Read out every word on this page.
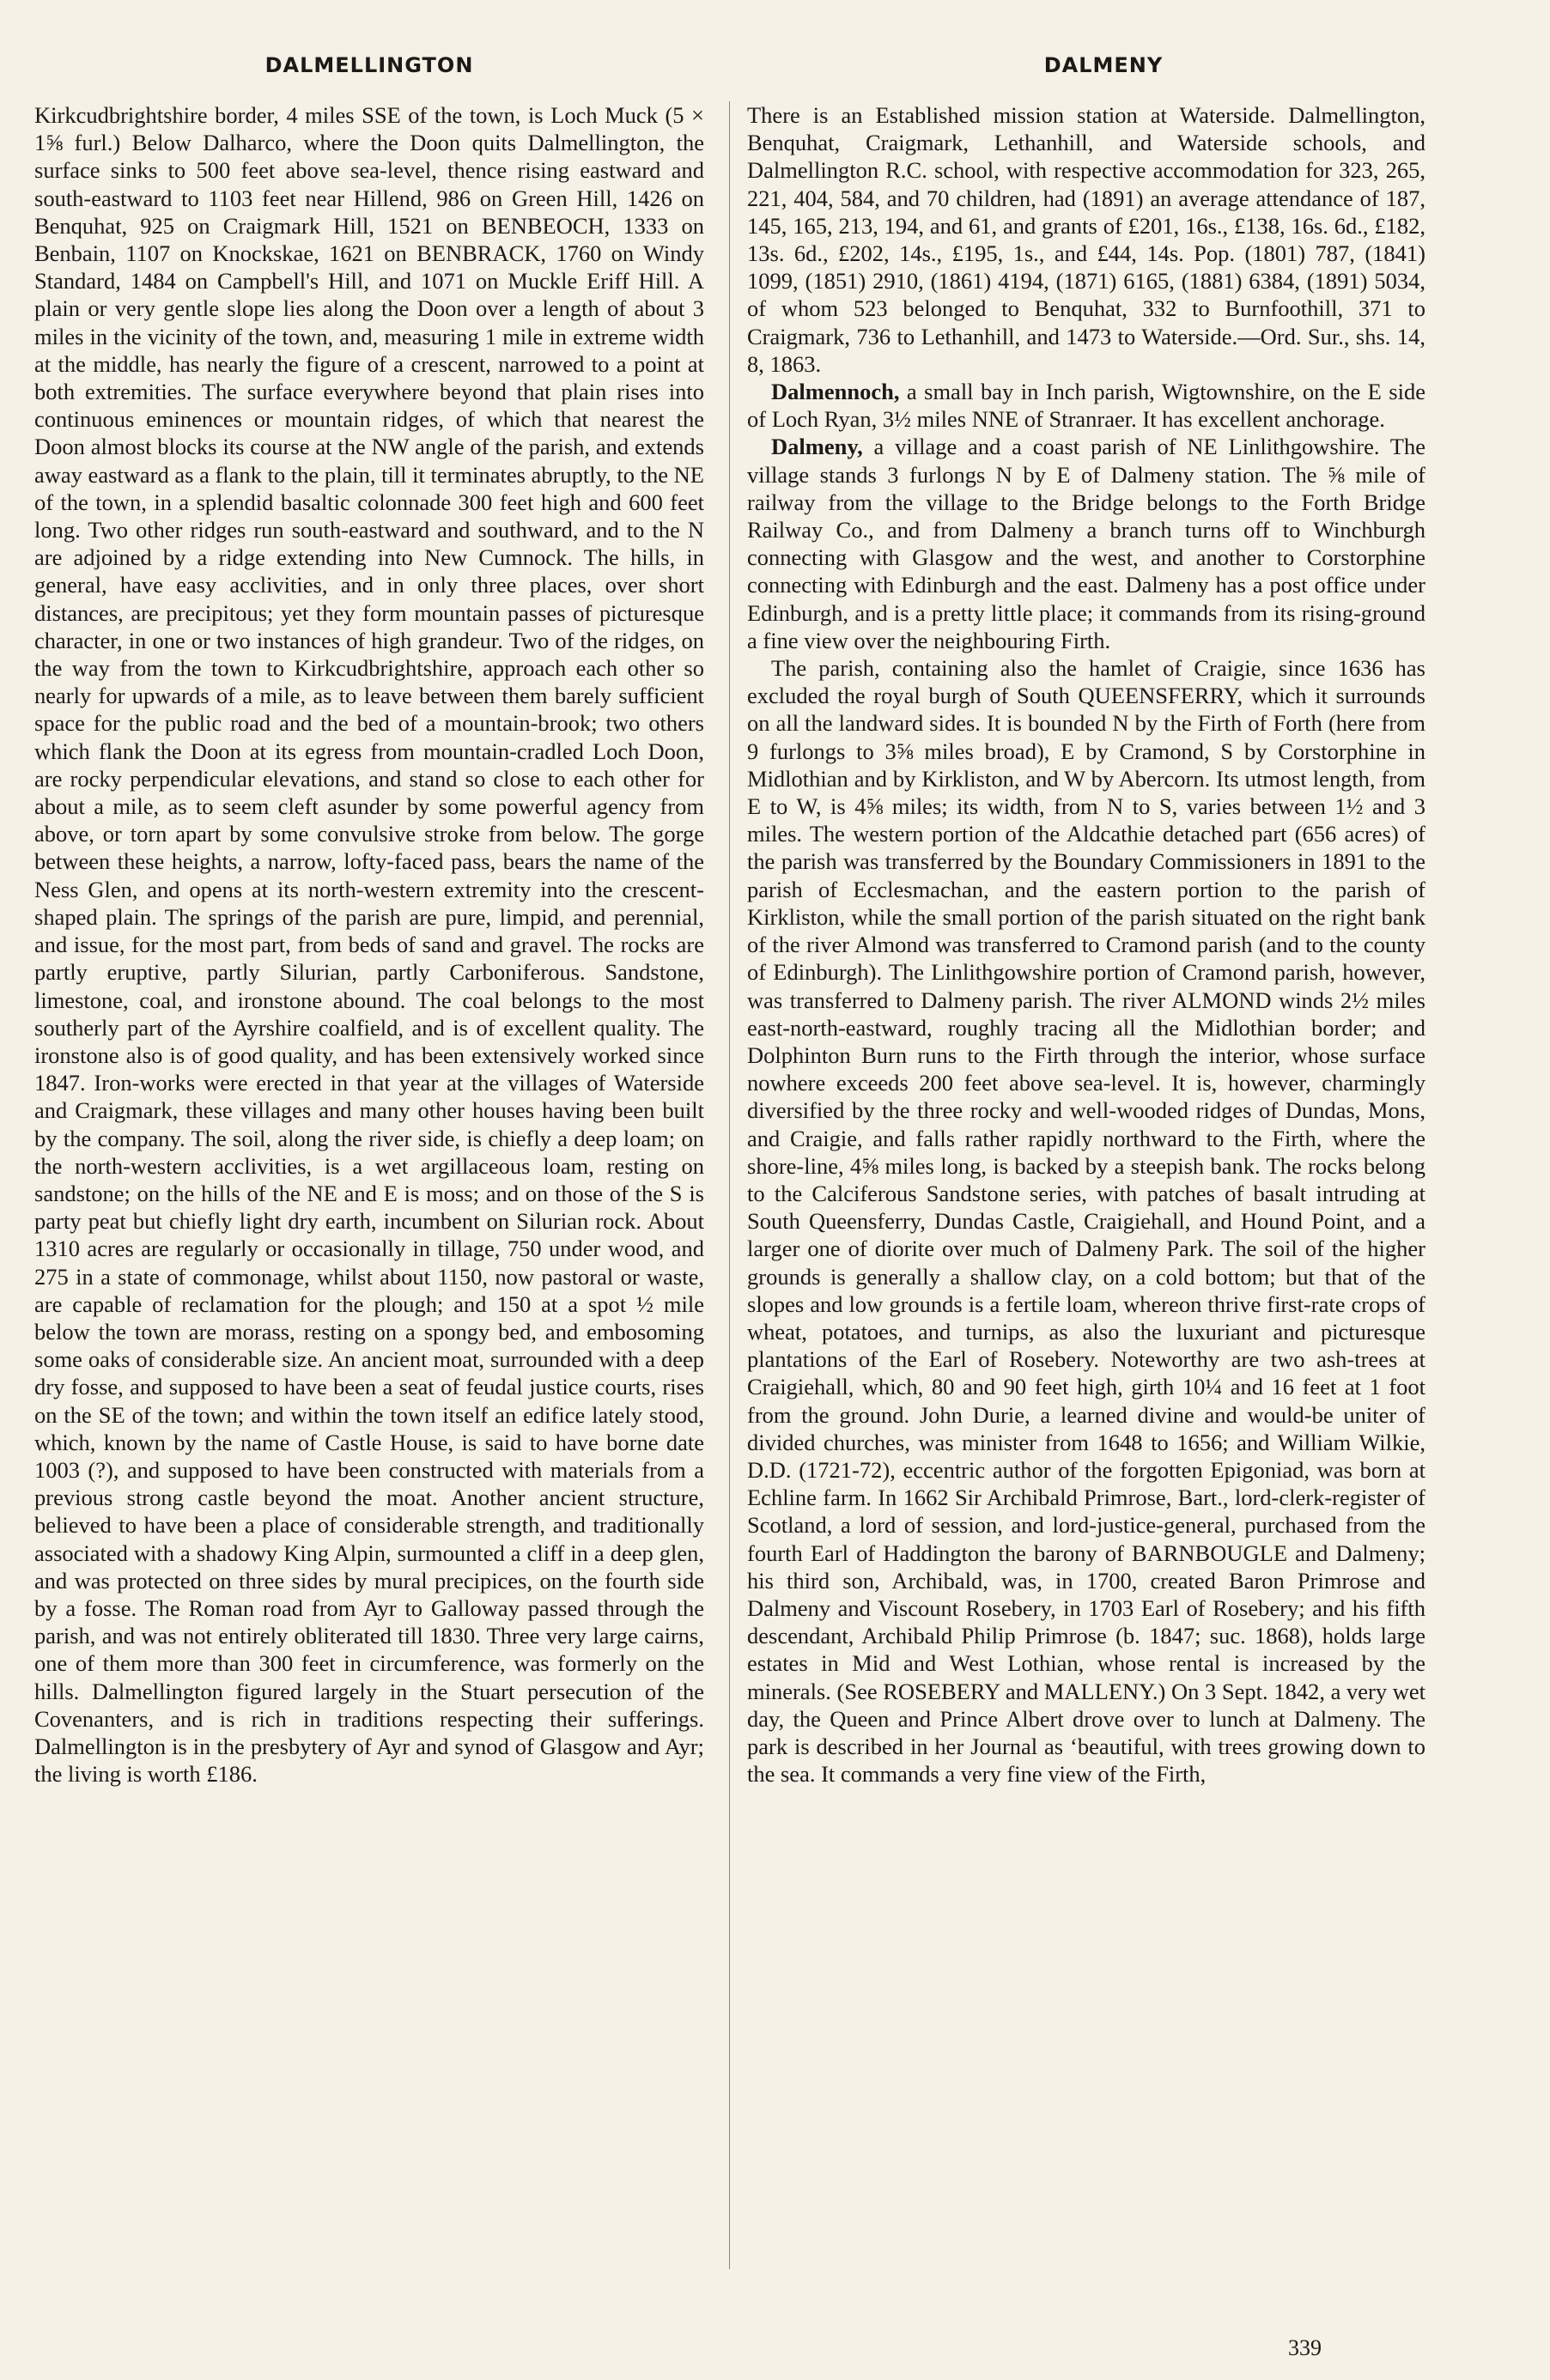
DALMELLINGTON	DALMENY

Kirkcudbrightshire border, 4 miles SSE of the town, is Loch Muck (5 × 1⅝ furl.) Below Dalharco, where the Doon quits Dalmellington, the surface sinks to 500 feet above sea-level, thence rising eastward and south-eastward to 1103 feet near Hillend, 986 on Green Hill, 1426 on Benquhat, 925 on Craigmark Hill, 1521 on BENBEOCH, 1333 on Benbain, 1107 on Knockskae, 1621 on BENBRACK, 1760 on Windy Standard, 1484 on Campbell's Hill, and 1071 on Muckle Eriff Hill. A plain or very gentle slope lies along the Doon over a length of about 3 miles in the vicinity of the town, and, measuring 1 mile in extreme width at the middle, has nearly the figure of a crescent, narrowed to a point at both extremities. The surface everywhere beyond that plain rises into continuous eminences or mountain ridges, of which that nearest the Doon almost blocks its course at the NW angle of the parish, and extends away eastward as a flank to the plain, till it terminates abruptly, to the NE of the town, in a splendid basaltic colonnade 300 feet high and 600 feet long. Two other ridges run south-eastward and southward, and to the N are adjoined by a ridge extending into New Cumnock. The hills, in general, have easy acclivities, and in only three places, over short distances, are precipitous; yet they form mountain passes of picturesque character, in one or two instances of high grandeur. Two of the ridges, on the way from the town to Kirkcudbrightshire, approach each other so nearly for upwards of a mile, as to leave between them barely sufficient space for the public road and the bed of a mountain-brook; two others which flank the Doon at its egress from mountain-cradled Loch Doon, are rocky perpendicular elevations, and stand so close to each other for about a mile, as to seem cleft asunder by some powerful agency from above, or torn apart by some convulsive stroke from below. The gorge between these heights, a narrow, lofty-faced pass, bears the name of the Ness Glen, and opens at its north-western extremity into the crescent-shaped plain. The springs of the parish are pure, limpid, and perennial, and issue, for the most part, from beds of sand and gravel. The rocks are partly eruptive, partly Silurian, partly Carboniferous. Sandstone, limestone, coal, and ironstone abound. The coal belongs to the most southerly part of the Ayrshire coalfield, and is of excellent quality. The ironstone also is of good quality, and has been extensively worked since 1847. Iron-works were erected in that year at the villages of Waterside and Craigmark, these villages and many other houses having been built by the company. The soil, along the river side, is chiefly a deep loam; on the north-western acclivities, is a wet argillaceous loam, resting on sandstone; on the hills of the NE and E is moss; and on those of the S is party peat but chiefly light dry earth, incumbent on Silurian rock. About 1310 acres are regularly or occasionally in tillage, 750 under wood, and 275 in a state of commonage, whilst about 1150, now pastoral or waste, are capable of reclamation for the plough; and 150 at a spot ½ mile below the town are morass, resting on a spongy bed, and embosoming some oaks of considerable size. An ancient moat, surrounded with a deep dry fosse, and supposed to have been a seat of feudal justice courts, rises on the SE of the town; and within the town itself an edifice lately stood, which, known by the name of Castle House, is said to have borne date 1003 (?), and supposed to have been constructed with materials from a previous strong castle beyond the moat. Another ancient structure, believed to have been a place of considerable strength, and traditionally associated with a shadowy King Alpin, surmounted a cliff in a deep glen, and was protected on three sides by mural precipices, on the fourth side by a fosse. The Roman road from Ayr to Galloway passed through the parish, and was not entirely obliterated till 1830. Three very large cairns, one of them more than 300 feet in circumference, was formerly on the hills. Dalmellington figured largely in the Stuart persecution of the Covenanters, and is rich in traditions respecting their sufferings. Dalmellington is in the presbytery of Ayr and synod of Glasgow and Ayr; the living is worth £186.

There is an Established mission station at Waterside. Dalmellington, Benquhat, Craigmark, Lethanhill, and Waterside schools, and Dalmellington R.C. school, with respective accommodation for 323, 265, 221, 404, 584, and 70 children, had (1891) an average attendance of 187, 145, 165, 213, 194, and 61, and grants of £201, 16s., £138, 16s. 6d., £182, 13s. 6d., £202, 14s., £195, 1s., and £44, 14s. Pop. (1801) 787, (1841) 1099, (1851) 2910, (1861) 4194, (1871) 6165, (1881) 6384, (1891) 5034, of whom 523 belonged to Benquhat, 332 to Burnfoothill, 371 to Craigmark, 736 to Lethanhill, and 1473 to Waterside.—Ord. Sur., shs. 14, 8, 1863.

Dalmennoch, a small bay in Inch parish, Wigtownshire, on the E side of Loch Ryan, 3½ miles NNE of Stranraer. It has excellent anchorage.

Dalmeny, a village and a coast parish of NE Linlithgowshire. The village stands 3 furlongs N by E of Dalmeny station. The ⅝ mile of railway from the village to the Bridge belongs to the Forth Bridge Railway Co., and from Dalmeny a branch turns off to Winchburgh connecting with Glasgow and the west, and another to Corstorphine connecting with Edinburgh and the east. Dalmeny has a post office under Edinburgh, and is a pretty little place; it commands from its rising-ground a fine view over the neighbouring Firth.

The parish, containing also the hamlet of Craigie, since 1636 has excluded the royal burgh of South QUEENSFERRY, which it surrounds on all the landward sides. It is bounded N by the Firth of Forth (here from 9 furlongs to 3⅝ miles broad), E by Cramond, S by Corstorphine in Midlothian and by Kirkliston, and W by Abercorn. Its utmost length, from E to W, is 4⅝ miles; its width, from N to S, varies between 1½ and 3 miles. The western portion of the Aldcathie detached part (656 acres) of the parish was transferred by the Boundary Commissioners in 1891 to the parish of Ecclesmachan, and the eastern portion to the parish of Kirkliston, while the small portion of the parish situated on the right bank of the river Almond was transferred to Cramond parish (and to the county of Edinburgh). The Linlithgowshire portion of Cramond parish, however, was transferred to Dalmeny parish. The river ALMOND winds 2½ miles east-north-eastward, roughly tracing all the Midlothian border; and Dolphinton Burn runs to the Firth through the interior, whose surface nowhere exceeds 200 feet above sea-level. It is, however, charmingly diversified by the three rocky and well-wooded ridges of Dundas, Mons, and Craigie, and falls rather rapidly northward to the Firth, where the shore-line, 4⅝ miles long, is backed by a steepish bank. The rocks belong to the Calciferous Sandstone series, with patches of basalt intruding at South Queensferry, Dundas Castle, Craigiehall, and Hound Point, and a larger one of diorite over much of Dalmeny Park. The soil of the higher grounds is generally a shallow clay, on a cold bottom; but that of the slopes and low grounds is a fertile loam, whereon thrive first-rate crops of wheat, potatoes, and turnips, as also the luxuriant and picturesque plantations of the Earl of Rosebery. Noteworthy are two ash-trees at Craigiehall, which, 80 and 90 feet high, girth 10¼ and 16 feet at 1 foot from the ground. John Durie, a learned divine and would-be uniter of divided churches, was minister from 1648 to 1656; and William Wilkie, D.D. (1721-72), eccentric author of the forgotten Epigoniad, was born at Echline farm. In 1662 Sir Archibald Primrose, Bart., lord-clerk-register of Scotland, a lord of session, and lord-justice-general, purchased from the fourth Earl of Haddington the barony of BARNBOUGLE and Dalmeny; his third son, Archibald, was, in 1700, created Baron Primrose and Dalmeny and Viscount Rosebery, in 1703 Earl of Rosebery; and his fifth descendant, Archibald Philip Primrose (b. 1847; suc. 1868), holds large estates in Mid and West Lothian, whose rental is increased by the minerals. (See ROSEBERY and MALLENY.) On 3 Sept. 1842, a very wet day, the Queen and Prince Albert drove over to lunch at Dalmeny. The park is described in her Journal as ‘beautiful, with trees growing down to the sea. It commands a very fine view of the Firth,

339
